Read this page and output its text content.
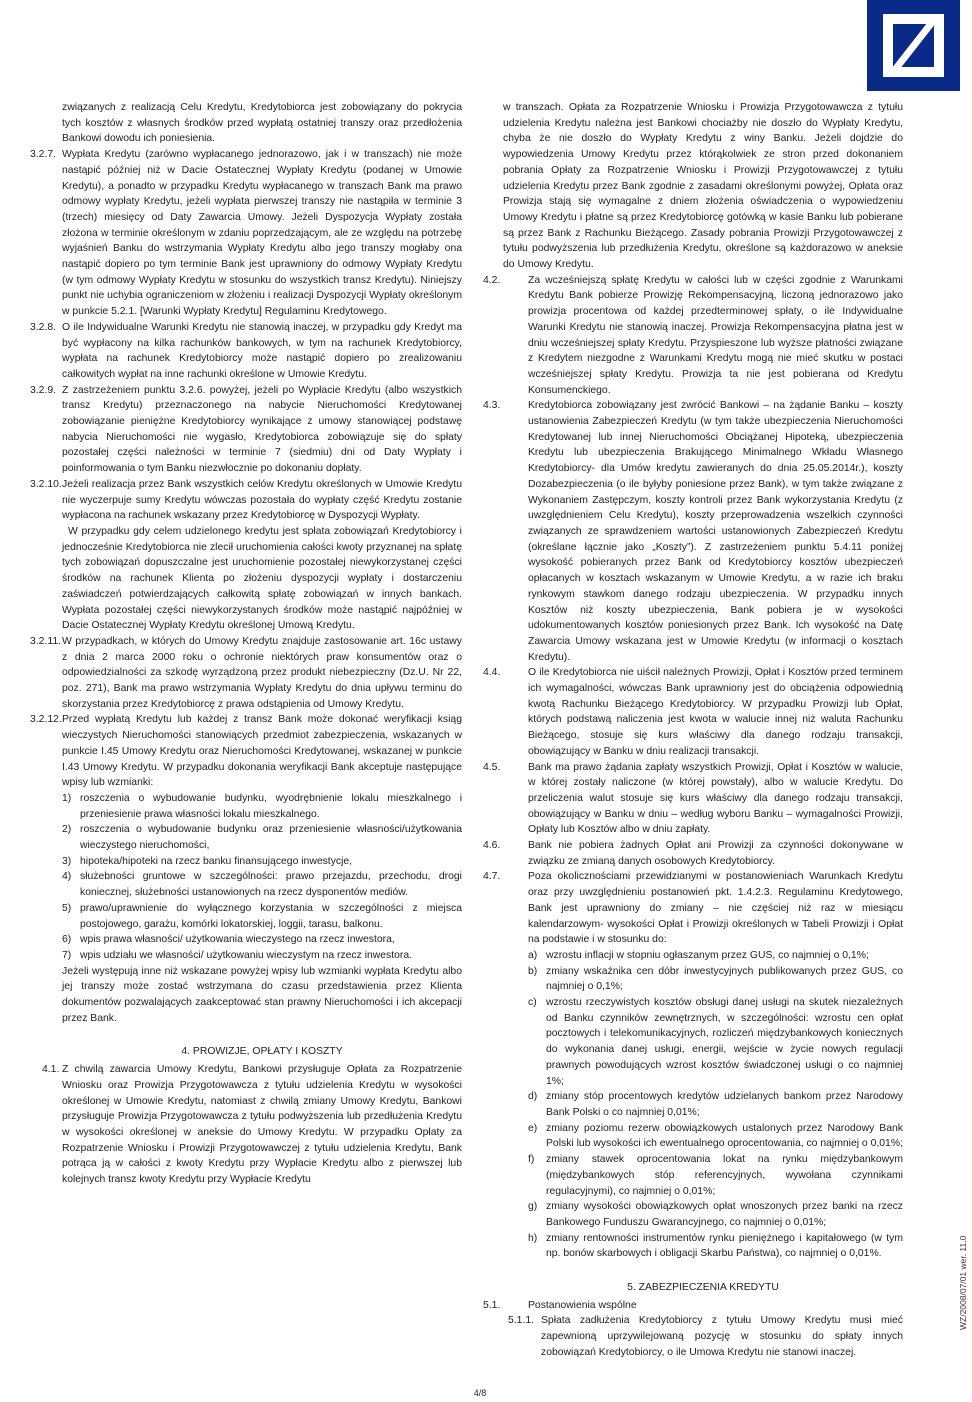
związanych z realizacją Celu Kredytu, Kredytobiorca jest zobowiązany do pokrycia tych kosztów z własnych środków przed wypłatą ostatniej transzy oraz przedłożenia Bankowi dowodu ich poniesienia.

3.2.7. Wypłata Kredytu (zarówno wypłacanego jednorazowo, jak i w transzach) nie może nastąpić później niż w Dacie Ostatecznej Wypłaty Kredytu (podanej w Umowie Kredytu), a ponadto w przypadku Kredytu wypłacanego w transzach Bank ma prawo odmowy wypłaty Kredytu, jeżeli wypłata pierwszej transzy nie nastąpiła w terminie 3 (trzech) miesięcy od Daty Zawarcia Umowy. Jeżeli Dyspozycja Wypłaty została złożona w terminie określonym w zdaniu poprzedzającym, ale ze względu na potrzebę wyjaśnień Banku do wstrzymania Wypłaty Kredytu albo jego transzy mogłaby ona nastąpić dopiero po tym terminie Bank jest uprawniony do odmowy Wypłaty Kredytu (w tym odmowy Wypłaty Kredytu w stosunku do wszystkich transz Kredytu). Niniejszy punkt nie uchybia ograniczeniom w złożeniu i realizacji Dyspozycji Wypłaty określonym w punkcie 5.2.1. [Warunki Wypłaty Kredytu] Regulaminu Kredytowego.

3.2.8. O ile Indywidualne Warunki Kredytu nie stanowią inaczej, w przypadku gdy Kredyt ma być wypłacony na kilka rachunków bankowych, w tym na rachunek Kredytobiorcy, wypłata na rachunek Kredytobiorcy może nastąpić dopiero po zrealizowaniu całkowitych wypłat na inne rachunki określone w Umowie Kredytu.

3.2.9. Z zastrzeżeniem punktu 3.2.6. powyżej, jeżeli po Wypłacie Kredytu (albo wszystkich transz Kredytu) przeznaczonego na nabycie Nieruchomości Kredytowanej zobowiązanie pieniężne Kredytobiorcy wynikające z umowy stanowiącej podstawę nabycia Nieruchomości nie wygasło, Kredytobiorca zobowiązuje się do spłaty pozostałej części należności w terminie 7 (siedmiu) dni od Daty Wypłaty i poinformowania o tym Banku niezwłocznie po dokonaniu dopłaty.

3.2.10. Jeżeli realizacja przez Bank wszystkich celów Kredytu określonych w Umowie Kredytu nie wyczerpuje sumy Kredytu wówczas pozostała do wypłaty część Kredytu zostanie wypłacona na rachunek wskazany przez Kredytobiorcę w Dyspozycji Wypłaty.

W przypadku gdy celem udzielonego kredytu jest spłata zobowiązań Kredytobiorcy i jednocześnie Kredytobiorca nie zlecił uruchomienia całości kwoty przyznanej na spłatę tych zobowiązań dopuszczalne jest uruchomienie pozostałej niewykorzystanej części środków na rachunek Klienta po złożeniu dyspozycji wypłaty i dostarczeniu zaświadczeń potwierdzających całkowitą spłatę zobowiązań w innych bankach. Wypłata pozostałej części niewykorzystanych środków może nastąpić najpóźniej w Dacie Ostatecznej Wypłaty Kredytu określonej Umową Kredytu.

3.2.11. W przypadkach, w których do Umowy Kredytu znajduje zastosowanie art. 16c ustawy z dnia 2 marca 2000 roku o ochronie niektórych praw konsumentów oraz o odpowiedzialności za szkodę wyrządzoną przez produkt niebezpieczny (Dz.U. Nr 22, poz. 271), Bank ma prawo wstrzymania Wypłaty Kredytu do dnia upływu terminu do skorzystania przez Kredytobiorcę z prawa odstąpienia od Umowy Kredytu.

3.2.12. Przed wypłatą Kredytu lub każdej z transz Bank może dokonać weryfikacji ksiąg wieczystych Nieruchomości stanowiących przedmiot zabezpieczenia, wskazanych w punkcie I.45 Umowy Kredytu oraz Nieruchomości Kredytowanej, wskazanej w punkcie I.43 Umowy Kredytu. W przypadku dokonania weryfikacji Bank akceptuje następujące wpisy lub wzmianki:

1) roszczenia o wybudowanie budynku, wyodrębnienie lokalu mieszkalnego i przeniesienie prawa własności lokalu mieszkalnego.

2) roszczenia o wybudowanie budynku oraz przeniesienie własności/użytkowania wieczystego nieruchomości,

3) hipoteka/hipoteki na rzecz banku finansującego inwestycje,

4) służebności gruntowe w szczególności: prawo przejazdu, przechodu, drogi koniecznej, służebności ustanowionych na rzecz dysponentów mediów.

5) prawo/uprawnienie do wyłącznego korzystania w szczególności z miejsca postojowego, garażu, komórki lokatorskiej, loggii, tarasu, balkonu.

6) wpis prawa własności/ użytkowania wieczystego na rzecz inwestora,

7) wpis udziału we własności/ użytkowaniu wieczystym na rzecz inwestora.

Jeżeli występują inne niż wskazane powyżej wpisy lub wzmianki wypłata Kredytu albo jej transzy może zostać wstrzymana do czasu przedstawienia przez Klienta dokumentów pozwalających zaakceptować stan prawny Nieruchomości i ich akcepacji przez Bank.

4. PROWIZJE, OPŁATY I KOSZTY

4.1. Z chwilą zawarcia Umowy Kredytu, Bankowi przysługuje Opłata za Rozpatrzenie Wniosku oraz Prowizja Przygotowawcza z tytułu udzielenia Kredytu w wysokości określonej w Umowie Kredytu, natomiast z chwilą zmiany Umowy Kredytu, Bankowi przysługuje Prowizja Przygotowawcza z tytułu podwyższenia lub przedłużenia Kredytu w wysokości określonej w aneksie do Umowy Kredytu. W przypadku Opłaty za Rozpatrzenie Wniosku i Prowizji Przygotowawczej z tytułu udzielenia Kredytu, Bank potrąca ją w całości z kwoty Kredytu przy Wypłacie Kredytu albo z pierwszej lub kolejnych transz kwoty Kredytu przy Wypłacie Kredytu

w transzach. Opłata za Rozpatrzenie Wniosku i Prowizja Przygotowawcza z tytułu udzielenia Kredytu należna jest Bankowi chociażby nie doszło do Wypłaty Kredytu, chyba że nie doszło do Wypłaty Kredytu z winy Banku. Jeżeli dojdzie do wypowiedzenia Umowy Kredytu przez którąkolwiek ze stron przed dokonaniem pobrania Opłaty za Rozpatrzenie Wniosku i Prowizji Przygotowawczej z tytułu udzielenia Kredytu przez Bank zgodnie z zasadami określonymi powyżej, Opłata oraz Prowizja stają się wymagalne z dniem złożenia oświadczenia o wypowiedzeniu Umowy Kredytu i płatne są przez Kredytobiorcę gotówką w kasie Banku lub pobierane są przez Bank z Rachunku Bieżącego. Zasady pobrania Prowizji Przygotowawczej z tytułu podwyższenia lub przedłużenia Kredytu, określone są każdorazowo w aneksie do Umowy Kredytu.

4.2.	Za wcześniejszą spłatę Kredytu w całości lub w części zgodnie z Warunkami Kredytu Bank pobierze Prowizję Rekompensacyjną, liczoną jednorazowo jako prowizja procentowa od każdej przedterminowej spłaty, o ile Indywidualne Warunki Kredytu nie stanowią inaczej. Prowizja Rekompensacyjna płatna jest w dniu wcześniejszej spłaty Kredytu. Przyspieszone lub wyższe płatności związane z Kredytem niezgodne z Warunkami Kredytu mogą nie mieć skutku w postaci wcześniejszej spłaty Kredytu. Prowizja ta nie jest pobierana od Kredytu Konsumenckiego.

4.3.	Kredytobiorca zobowiązany jest zwrócić Bankowi – na żądanie Banku – koszty ustanowienia Zabezpieczeń Kredytu (w tym także ubezpieczenia Nieruchomości Kredytowanej lub innej Nieruchomości Obciążanej Hipoteką, ubezpieczenia Kredytu lub ubezpieczenia Brakującego Minimalnego Wkładu Własnego Kredytobiorcy- dla Umów kredytu zawieranych do dnia 25.05.2014r.), koszty Dozabezpieczenia (o ile byłyby poniesione przez Bank), w tym także związane z Wykonaniem Zastępczym, koszty kontroli przez Bank wykorzystania Kredytu (z uwzględnieniem Celu Kredytu), koszty przeprowadzenia wszelkich czynności związanych ze sprawdzeniem wartości ustanowionych Zabezpieczeń Kredytu (określane łącznie jako „Koszty”). Z zastrzeżeniem punktu 5.4.11 poniżej wysokość pobieranych przez Bank od Kredytobiorcy kosztów ubezpieczeń opłacanych w kosztach wskazanym w Umowie Kredytu, a w razie ich braku rynkowym stawkom danego rodzaju ubezpieczenia. W przypadku innych Kosztów niż koszty ubezpieczenia, Bank pobiera je w wysokości udokumentowanych kosztów poniesionych przez Bank. Ich wysokość na Datę Zawarcia Umowy wskazana jest w Umowie Kredytu (w informacji o kosztach Kredytu).

4.4.	O ile Kredytobiorca nie uiścił należnych Prowizji, Opłat i Kosztów przed terminem ich wymagalności, wówczas Bank uprawniony jest do obciążenia odpowiednią kwotą Rachunku Bieżącego Kredytobiorcy. W przypadku Prowizji lub Opłat, których podstawą naliczenia jest kwota w walucie innej niż waluta Rachunku Bieżącego, stosuje się kurs właściwy dla danego rodzaju transakcji, obowiązujący w Banku w dniu realizacji transakcji.

4.5.	Bank ma prawo żądania zapłaty wszystkich Prowizji, Opłat i Kosztów w walucie, w której zostały naliczone (w której powstały), albo w walucie Kredytu. Do przeliczenia walut stosuje się kurs właściwy dla danego rodzaju transakcji, obowiązujący w Banku w dniu – według wyboru Banku – wymagalności Prowizji, Opłaty lub Kosztów albo w dniu zapłaty.

4.6.	Bank nie pobiera żadnych Opłat ani Prowizji za czynności dokonywane w związku ze zmianą danych osobowych Kredytobiorcy.

4.7.	Poza okolicznościami przewidzianymi w postanowieniach Warunkach Kredytu oraz przy uwzględnieniu postanowień pkt. 1.4.2.3. Regulaminu Kredytowego, Bank jest uprawniony do zmiany – nie częściej niż raz w miesiącu kalendarzowym- wysokości Opłat i Prowizji określonych w Tabeli Prowizji i Opłat na podstawie i w stosunku do:

a) wzrostu inflacji w stopniu ogłaszanym przez GUS, co najmniej o 0,1%;

b) zmiany wskaźnika cen dóbr inwestycyjnych publikowanych przez GUS, co najmniej o 0,1%;

c) wzrostu rzeczywistych kosztów obsługi danej usługi na skutek niezależnych od Banku czynników zewnętrznych, w szczególności: wzrostu cen opłat pocztowych i telekomunikacyjnych, rozliczeń międzybankowych koniecznych do wykonania danej usługi, energii, wejście w życie nowych regulacji prawnych powodujących wzrost kosztów świadczonej usługi o co najmniej 1%;

d) zmiany stóp procentowych kredytów udzielanych bankom przez Narodowy Bank Polski o co najmniej 0,01%;

e) zmiany poziomu rezerw obowiązkowych ustalonych przez Narodowy Bank Polski lub wysokości ich ewentualnego oprocentowania, co najmniej o 0,01%;

f) zmiany stawek oprocentowania lokat na rynku międzybankowym (międzybankowych stóp referencyjnych, wywołana czynnikami regulacyjnymi), co najmniej o 0,01%;

g) zmiany wysokości obowiązkowych opłat wnoszonych przez banki na rzecz Bankowego Funduszu Gwarancyjnego, co najmniej o 0,01%;

h) zmiany rentowności instrumentów rynku pieniężnego i kapitałowego (w tym np. bonów skarbowych i obligacji Skarbu Państwa), co najmniej o 0,01%.

5. ZABEZPIECZENIA KREDYTU

5.1.	Postanowienia wspólne

5.1.1. Spłata zadłużenia Kredytobiorcy z tytułu Umowy Kredytu musi mieć zapewnioną uprzywilejowaną pozycję w stosunku do spłaty innych zobowiązań Kredytobiorcy, o ile Umowa Kredytu nie stanowi inaczej.

4/8
WZ/2008/07/01 wer. 11.0
